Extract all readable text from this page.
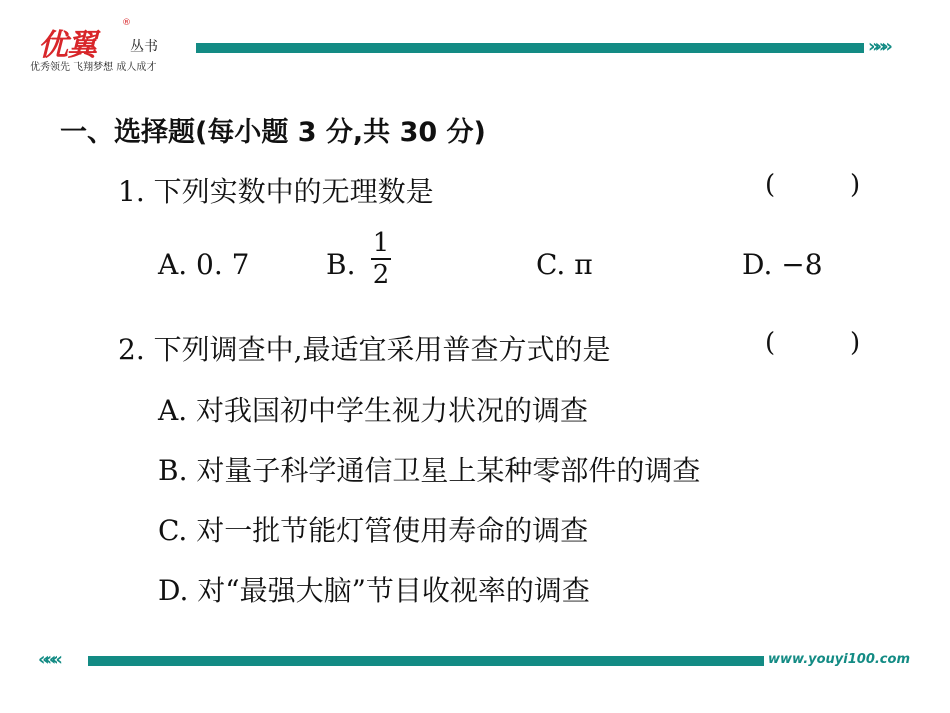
优翼
®
丛书
优秀领先 飞翔梦想 成人成才
»»»
一、选择题(每小题 3 分,共 30 分)
1. 下列实数中的无理数是	(	)
A. 0. 7	B.
1
2	C. π	D. −8
2. 下列调查中,最适宜采用普查方式的是	(	)
A. 对我国初中学生视力状况的调查
B. 对量子科学通信卫星上某种零部件的调查
C. 对一批节能灯管使用寿命的调查
D. 对“最强大脑”节目收视率的调查
«««	www.youyi100.com
